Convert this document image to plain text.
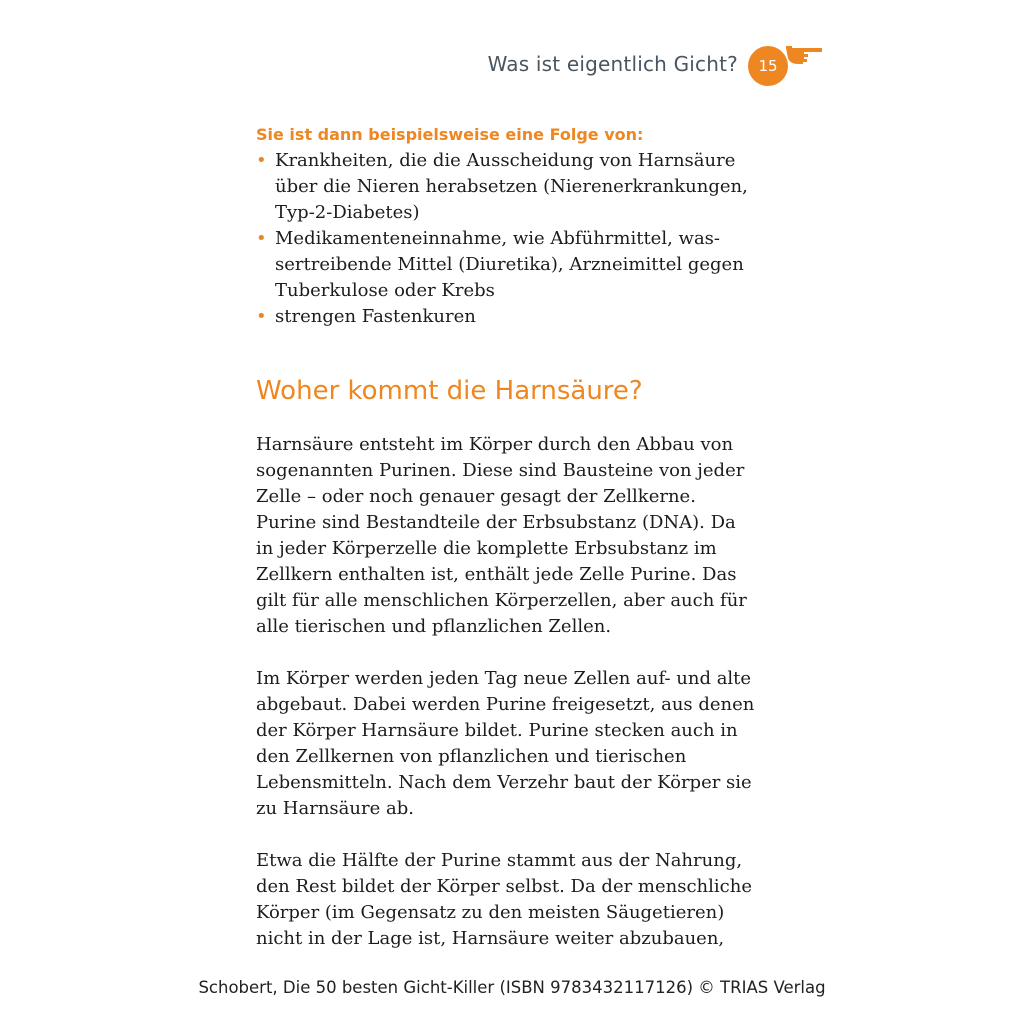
Was ist eigentlich Gicht?	15

Sie ist dann beispielsweise eine Folge von:

• Krankheiten, die die Ausscheidung von Harnsäure über die Nieren herabsetzen (Nierenerkrankungen, Typ-2-Diabetes)
• Medikamenteneinnahme, wie Abführmittel, wassertreibende Mittel (Diuretika), Arzneimittel gegen Tuberkulose oder Krebs
• strengen Fastenkuren
Woher kommt die Harnsäure?

Harnsäure entsteht im Körper durch den Abbau von sogenannten Purinen. Diese sind Bausteine von jeder Zelle – oder noch genauer gesagt der Zellkerne. Purine sind Bestandteile der Erbsubstanz (DNA). Da in jeder Körperzelle die komplette Erbsubstanz im Zellkern enthalten ist, enthält jede Zelle Purine. Das gilt für alle menschlichen Körperzellen, aber auch für alle tierischen und pflanzlichen Zellen.

Im Körper werden jeden Tag neue Zellen auf- und alte abgebaut. Dabei werden Purine freigesetzt, aus denen der Körper Harnsäure bildet. Purine stecken auch in den Zellkernen von pflanzlichen und tierischen Lebensmitteln. Nach dem Verzehr baut der Körper sie zu Harnsäure ab.

Etwa die Hälfte der Purine stammt aus der Nahrung, den Rest bildet der Körper selbst. Da der menschliche Körper (im Gegensatz zu den meisten Säugetieren) nicht in der Lage ist, Harnsäure weiter abzubauen,

Schobert, Die 50 besten Gicht-Killer (ISBN 9783432117126) © TRIAS Verlag
